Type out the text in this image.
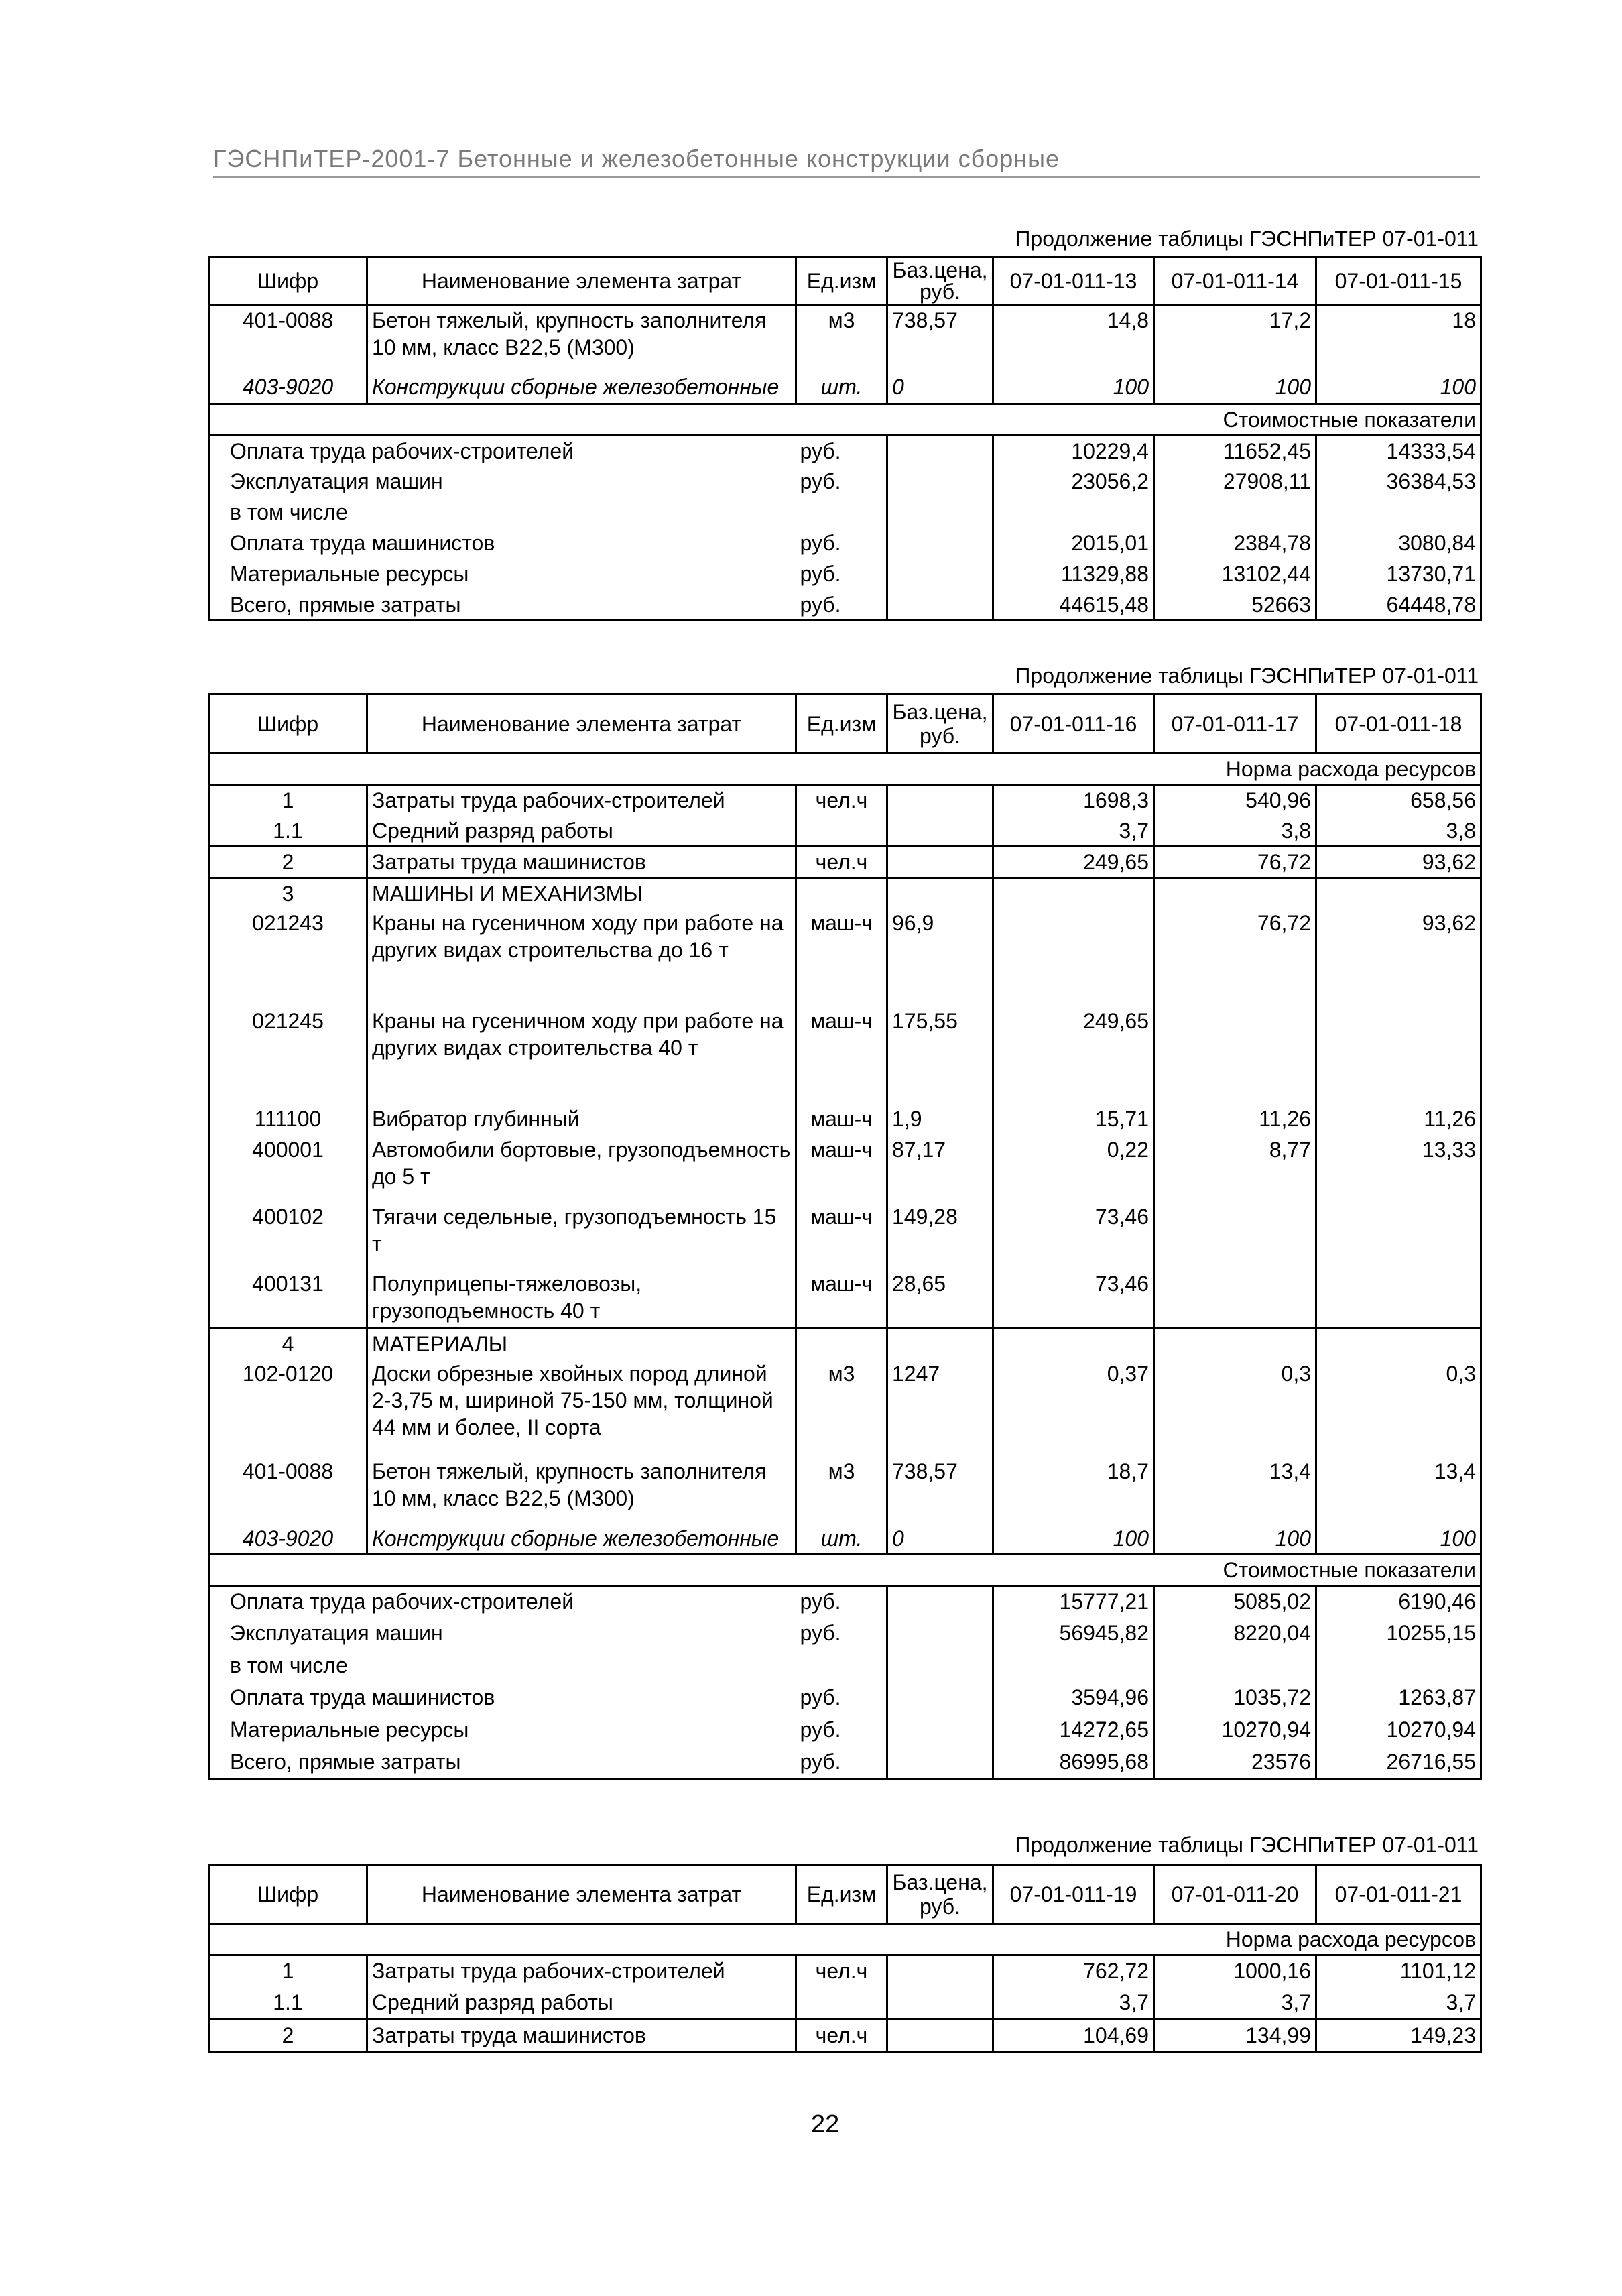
ГЭСНПиТЕР-2001-7 Бетонные и железобетонные конструкции сборные
Продолжение таблицы ГЭСНПиТЕР 07-01-011
Шифр	Наименование элемента затрат	Ед.изм	Баз.цена, руб.	07-01-011-13	07-01-011-14	07-01-011-15
401-0088	Бетон тяжелый, крупность заполнителя 10 мм, класс В22,5 (М300)	м3	738,57	14,8	17,2	18
403-9020	Конструкции сборные железобетонные	шт.	0	100	100	100
Стоимостные показатели						
Оплата труда рабочих-строителей		руб.		10229,4	11652,45	14333,54
Эксплуатация машин		руб.		23056,2	27908,11	36384,53
в том числе						
Оплата труда машинистов		руб.		2015,01	2384,78	3080,84
Материальные ресурсы		руб.		11329,88	13102,44	13730,71
Всего, прямые затраты		руб.		44615,48	52663	64448,78
Продолжение таблицы ГЭСНПиТЕР 07-01-011
Шифр	Наименование элемента затрат	Ед.изм	Баз.цена, руб.	07-01-011-16	07-01-011-17	07-01-011-18
Норма расхода ресурсов						
1	Затраты труда рабочих-строителей	чел.ч		1698,3	540,96	658,56
1.1	Средний разряд работы			3,7	3,8	3,8
2	Затраты труда машинистов	чел.ч		249,65	76,72	93,62
3	МАШИНЫ И МЕХАНИЗМЫ					
021243	Краны на гусеничном ходу при работе на других видах строительства до 16 т	маш-ч	96,9		76,72	93,62
021245	Краны на гусеничном ходу при работе на других видах строительства 40 т	маш-ч	175,55	249,65		
111100	Вибратор глубинный	маш-ч	1,9	15,71	11,26	11,26
400001	Автомобили бортовые, грузоподъемность до 5 т	маш-ч	87,17	0,22	8,77	13,33
400102	Тягачи седельные, грузоподъемность 15 т	маш-ч	149,28	73,46		
400131	Полуприцепы-тяжеловозы, грузоподъемность 40 т	маш-ч	28,65	73,46		
4	МАТЕРИАЛЫ					
102-0120	Доски обрезные хвойных пород длиной 2-3,75 м, шириной 75-150 мм, толщиной 44 мм и более, II сорта	м3	1247	0,37	0,3	0,3
401-0088	Бетон тяжелый, крупность заполнителя 10 мм, класс В22,5 (М300)	м3	738,57	18,7	13,4	13,4
403-9020	Конструкции сборные железобетонные	шт.	0	100	100	100
Стоимостные показатели						
Оплата труда рабочих-строителей		руб.		15777,21	5085,02	6190,46
Эксплуатация машин		руб.		56945,82	8220,04	10255,15
в том числе						
Оплата труда машинистов		руб.		3594,96	1035,72	1263,87
Материальные ресурсы		руб.		14272,65	10270,94	10270,94
Всего, прямые затраты		руб.		86995,68	23576	26716,55
Продолжение таблицы ГЭСНПиТЕР 07-01-011
Шифр	Наименование элемента затрат	Ед.изм	Баз.цена, руб.	07-01-011-19	07-01-011-20	07-01-011-21
Норма расхода ресурсов						
1	Затраты труда рабочих-строителей	чел.ч		762,72	1000,16	1101,12
1.1	Средний разряд работы			3,7	3,7	3,7
2	Затраты труда машинистов	чел.ч		104,69	134,99	149,23
22
